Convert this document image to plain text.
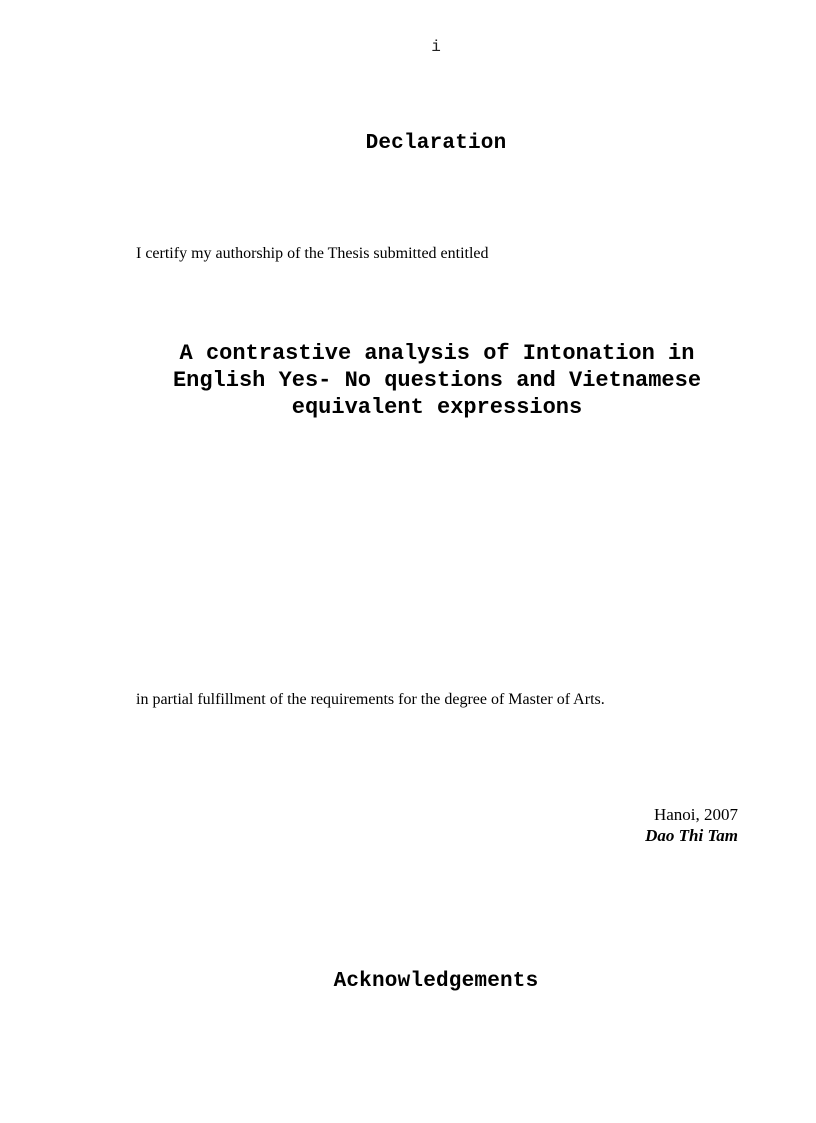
i
Declaration
I certify my authorship of the Thesis submitted entitled
A contrastive analysis of Intonation in English Yes- No questions and Vietnamese equivalent expressions
in partial fulfillment of the requirements for the degree of Master of Arts.
Hanoi, 2007
Dao Thi Tam
Acknowledgements
